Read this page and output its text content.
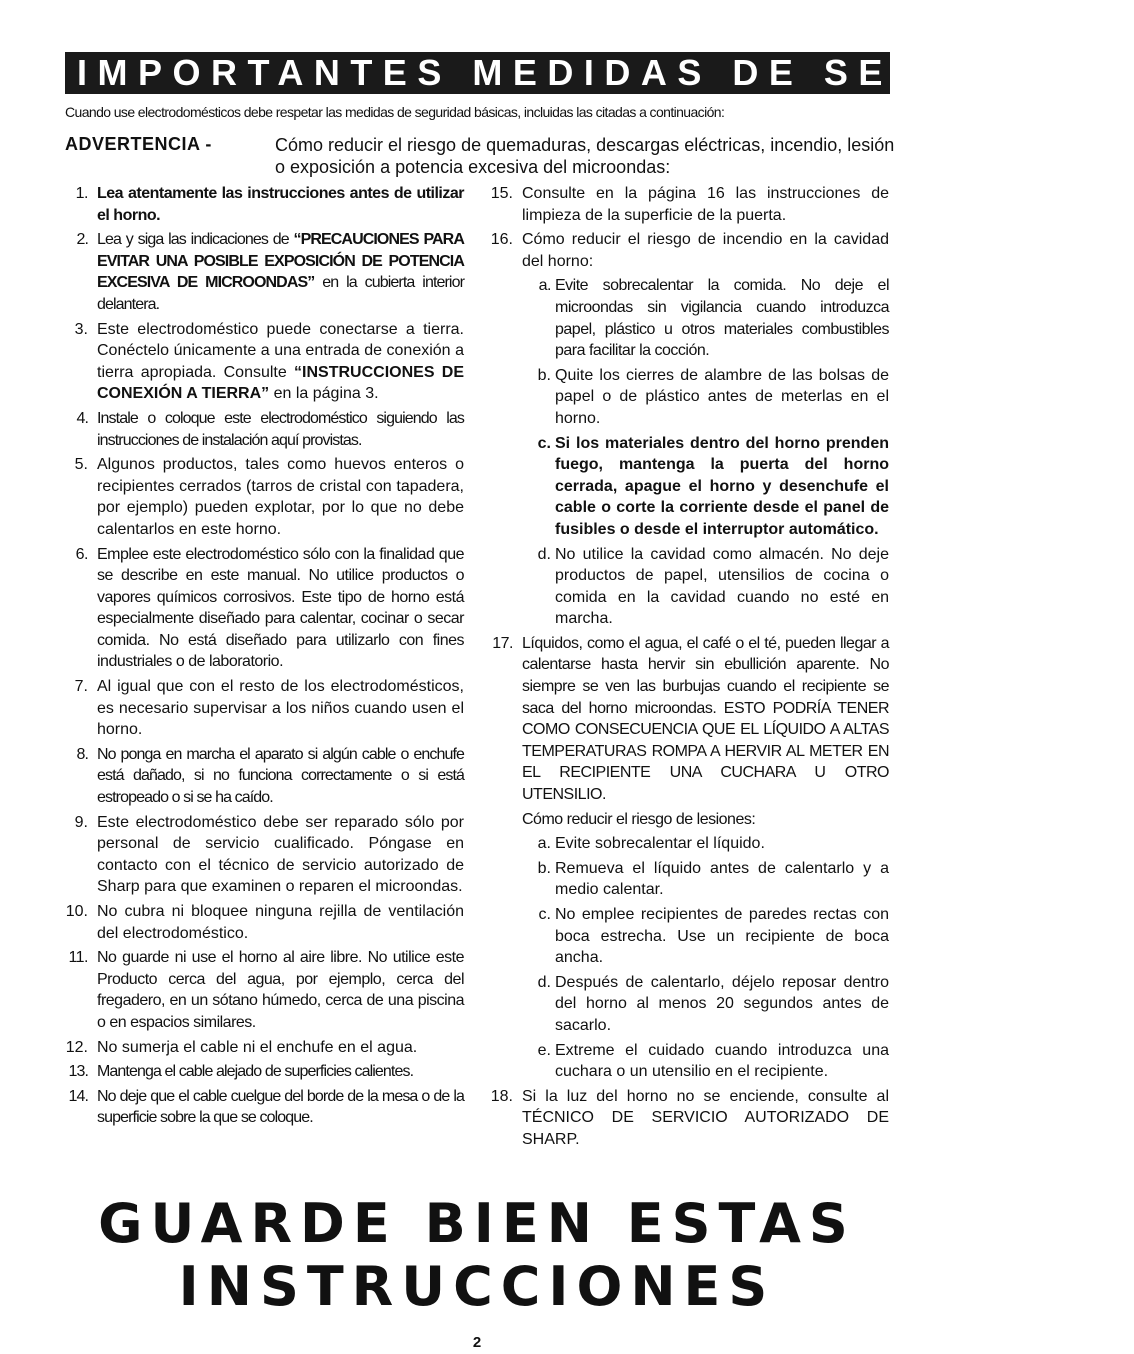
IMPORTANTES MEDIDAS DE SEGURIDAD
Cuando use electrodomésticos debe respetar las medidas de seguridad básicas, incluidas las citadas a continuación:
ADVERTENCIA -	Cómo reducir el riesgo de quemaduras, descargas eléctricas, incendio, lesión o exposición a potencia excesiva del microondas:
1. Lea atentamente las instrucciones antes de utilizar el horno.
2. Lea y siga las indicaciones de “PRECAUCIONES PARA EVITAR UNA POSIBLE EXPOSICIÓN DE POTENCIA EXCESIVA DE MICROONDAS” en la cubierta interior delantera.
3. Este electrodoméstico puede conectarse a tierra. Conéctelo únicamente a una entrada de conexión a tierra apropiada. Consulte “INSTRUCCIONES DE CONEXIÓN A TIERRA” en la página 3.
4. Instale o coloque este electrodoméstico siguiendo las instrucciones de instalación aquí provistas.
5. Algunos productos, tales como huevos enteros o recipientes cerrados (tarros de cristal con tapadera, por ejemplo) pueden explotar, por lo que no debe calentarlos en este horno.
6. Emplee este electrodoméstico sólo con la finalidad que se describe en este manual. No utilice productos o vapores químicos corrosivos. Este tipo de horno está especialmente diseñado para calentar, cocinar o secar comida. No está diseñado para utilizarlo con fines industriales o de laboratorio.
7. Al igual que con el resto de los electrodomésticos, es necesario supervisar a los niños cuando usen el horno.
8. No ponga en marcha el aparato si algún cable o enchufe está dañado, si no funciona correctamente o si está estropeado o si se ha caído.
9. Este electrodoméstico debe ser reparado sólo por personal de servicio cualificado. Póngase en contacto con el técnico de servicio autorizado de Sharp para que examinen o reparen el microondas.
10. No cubra ni bloquee ninguna rejilla de ventilación del electrodoméstico.
11. No guarde ni use el horno al aire libre. No utilice este Producto cerca del agua, por ejemplo, cerca del fregadero, en un sótano húmedo, cerca de una piscina o en espacios similares.
12. No sumerja el cable ni el enchufe en el agua.
13. Mantenga el cable alejado de superficies calientes.
14. No deje que el cable cuelgue del borde de la mesa o de la superficie sobre la que se coloque.
15. Consulte en la página 16 las instrucciones de limpieza de la superficie de la puerta.
16. Cómo reducir el riesgo de incendio en la cavidad del horno:
a. Evite sobrecalentar la comida. No deje el microondas sin vigilancia cuando introduzca papel, plástico u otros materiales combustibles para facilitar la cocción.
b. Quite los cierres de alambre de las bolsas de papel o de plástico antes de meterlas en el horno.
c. Si los materiales dentro del horno prenden fuego, mantenga la puerta del horno cerrada, apague el horno y desenchufe el cable o corte la corriente desde el panel de fusibles o desde el interruptor automático.
d. No utilice la cavidad como almacén. No deje productos de papel, utensilios de cocina o comida en la cavidad cuando no esté en marcha.
17. Líquidos, como el agua, el café o el té, pueden llegar a calentarse hasta hervir sin ebullición aparente. No siempre se ven las burbujas cuando el recipiente se saca del horno microondas. ESTO PODRÍA TENER COMO CONSECUENCIA QUE EL LÍQUIDO A ALTAS TEMPERATURAS ROMPA A HERVIR AL METER EN EL RECIPIENTE UNA CUCHARA U OTRO UTENSILIO.
Cómo reducir el riesgo de lesiones:
a. Evite sobrecalentar el líquido.
b. Remueva el líquido antes de calentarlo y a medio calentar.
c. No emplee recipientes de paredes rectas con boca estrecha. Use un recipiente de boca ancha.
d. Después de calentarlo, déjelo reposar dentro del horno al menos 20 segundos antes de sacarlo.
e. Extreme el cuidado cuando introduzca una cuchara o un utensilio en el recipiente.
18. Si la luz del horno no se enciende, consulte al TÉCNICO DE SERVICIO AUTORIZADO DE SHARP.
GUARDE BIEN ESTAS
INSTRUCCIONES
2
